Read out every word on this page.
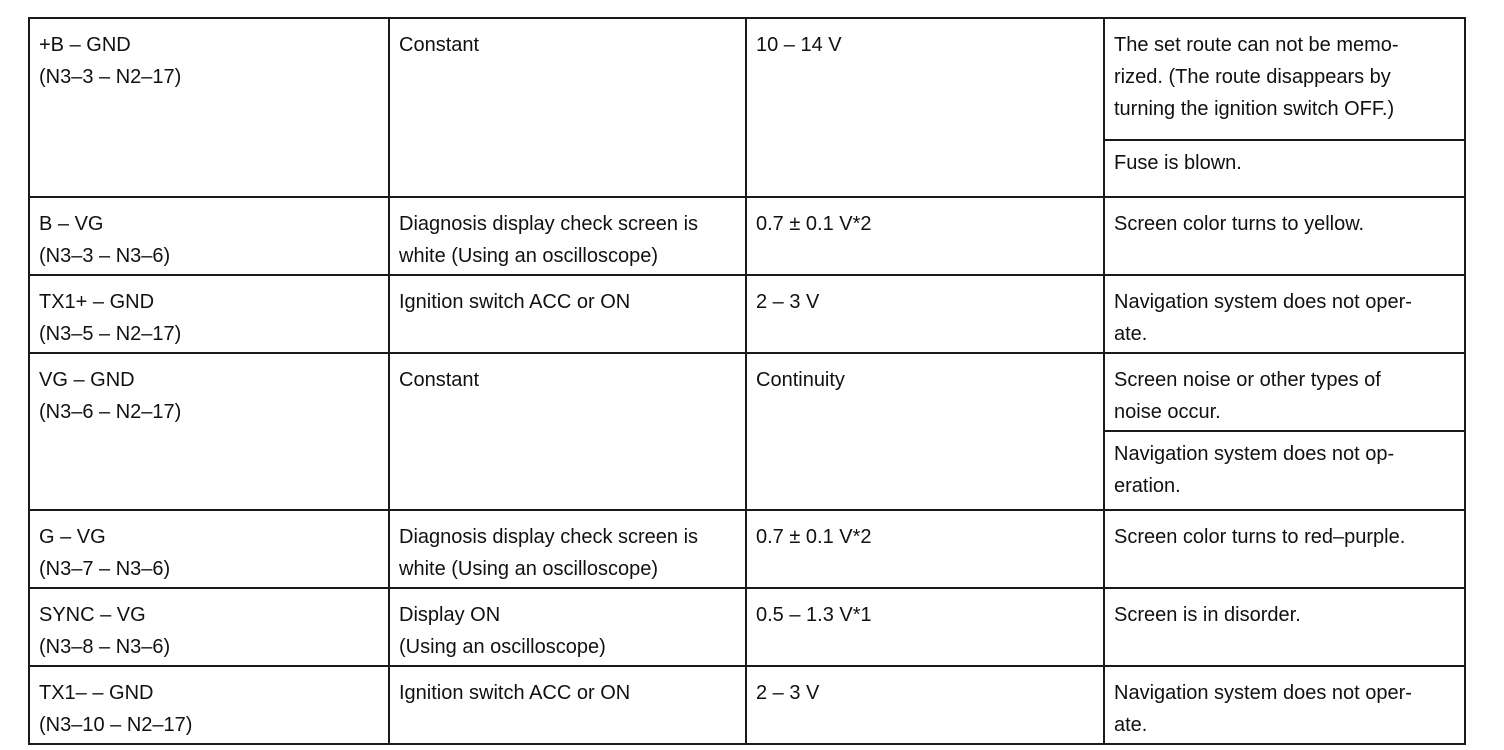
+B – GND
(N3–3 – N2–17)	Constant	10 – 14 V	The set route can not be memo-
rized. (The route disappears by
turning the ignition switch OFF.)

			Fuse is blown.

B – VG
(N3–3 – N3–6)	Diagnosis display check screen is
white (Using an oscilloscope)	0.7 ± 0.1 V*2	Screen color turns to yellow.

TX1+ – GND
(N3–5 – N2–17)	Ignition switch ACC or ON	2 – 3 V	Navigation system does not oper-
ate.

VG – GND
(N3–6 – N2–17)	Constant	Continuity	Screen noise or other types of
noise occur.

			Navigation system does not op-
eration.

G – VG
(N3–7 – N3–6)	Diagnosis display check screen is
white (Using an oscilloscope)	0.7 ± 0.1 V*2	Screen color turns to red–purple.

SYNC – VG
(N3–8 – N3–6)	Display ON
(Using an oscilloscope)	0.5 – 1.3 V*1	Screen is in disorder.

TX1– – GND
(N3–10 – N2–17)	Ignition switch ACC or ON	2 – 3 V	Navigation system does not oper-
ate.
